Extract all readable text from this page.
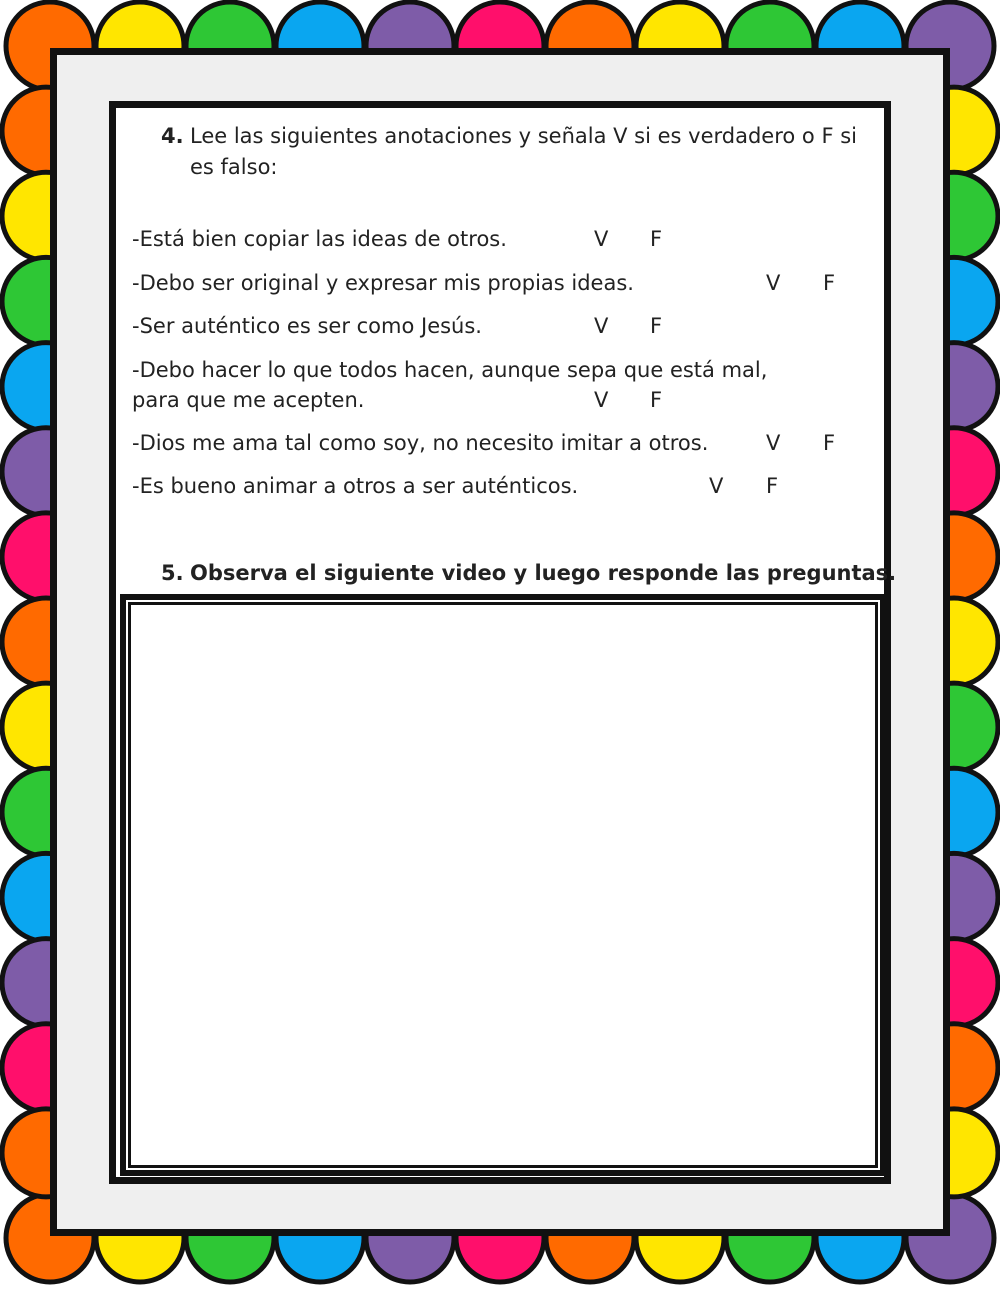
4. Lee las siguientes anotaciones y señala V si es verdadero o F si es falso:
-Está bien copiar las ideas de otros.	V F
-Debo ser original y expresar mis propias ideas.	V F
-Ser auténtico es ser como Jesús.	V F
-Debo hacer lo que todos hacen, aunque sepa que está mal,
para que me acepten.	V F
-Dios me ama tal como soy, no necesito imitar a otros.	V F
-Es bueno animar a otros a ser auténticos.	V F
5. Observa el siguiente video y luego responde las preguntas.
